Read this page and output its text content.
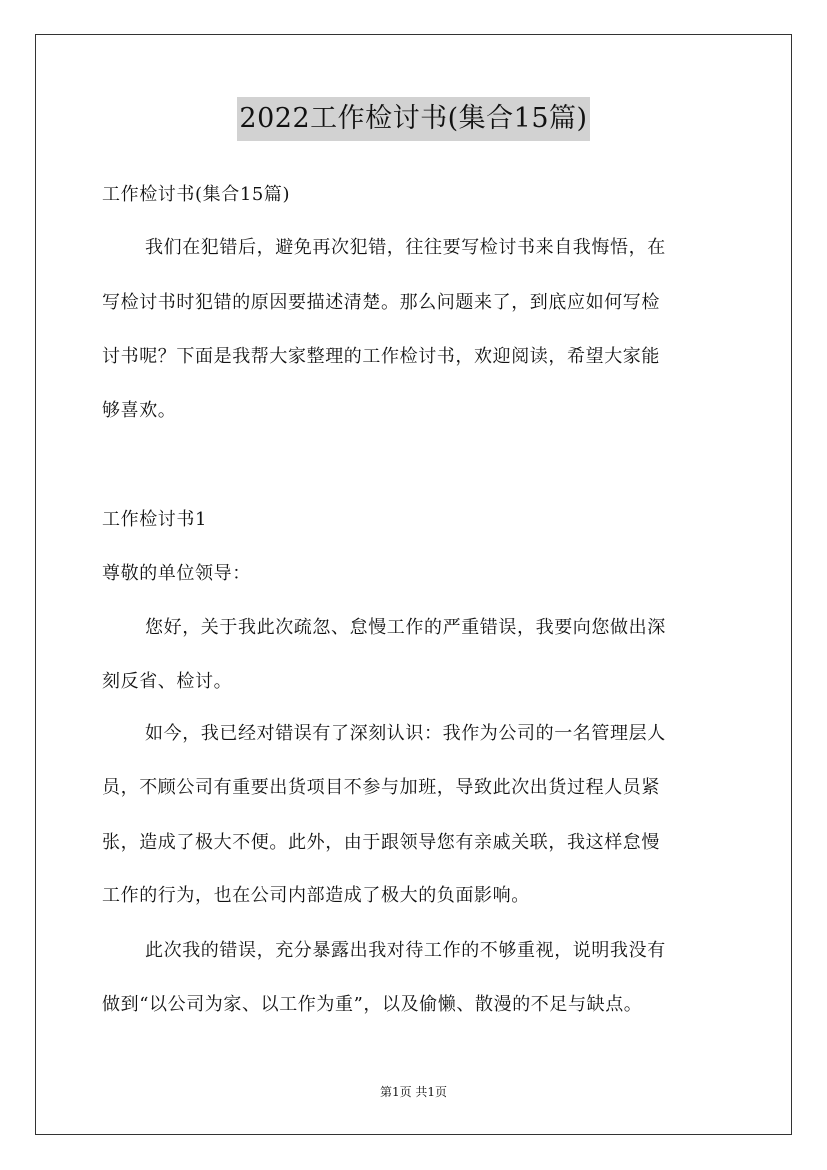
2022工作检讨书(集合15篇)
工作检讨书(集合15篇)
我们在犯错后，避免再次犯错，往往要写检讨书来自我悔悟，在
写检讨书时犯错的原因要描述清楚。那么问题来了，到底应如何写检
讨书呢？下面是我帮大家整理的工作检讨书，欢迎阅读，希望大家能
够喜欢。
工作检讨书1
尊敬的单位领导：
您好，关于我此次疏忽、怠慢工作的严重错误，我要向您做出深
刻反省、检讨。
如今，我已经对错误有了深刻认识：我作为公司的一名管理层人
员，不顾公司有重要出货项目不参与加班，导致此次出货过程人员紧
张，造成了极大不便。此外，由于跟领导您有亲戚关联，我这样怠慢
工作的行为，也在公司内部造成了极大的负面影响。
此次我的错误，充分暴露出我对待工作的不够重视，说明我没有
做到“以公司为家、以工作为重”，以及偷懒、散漫的不足与缺点。
第1页 共1页
